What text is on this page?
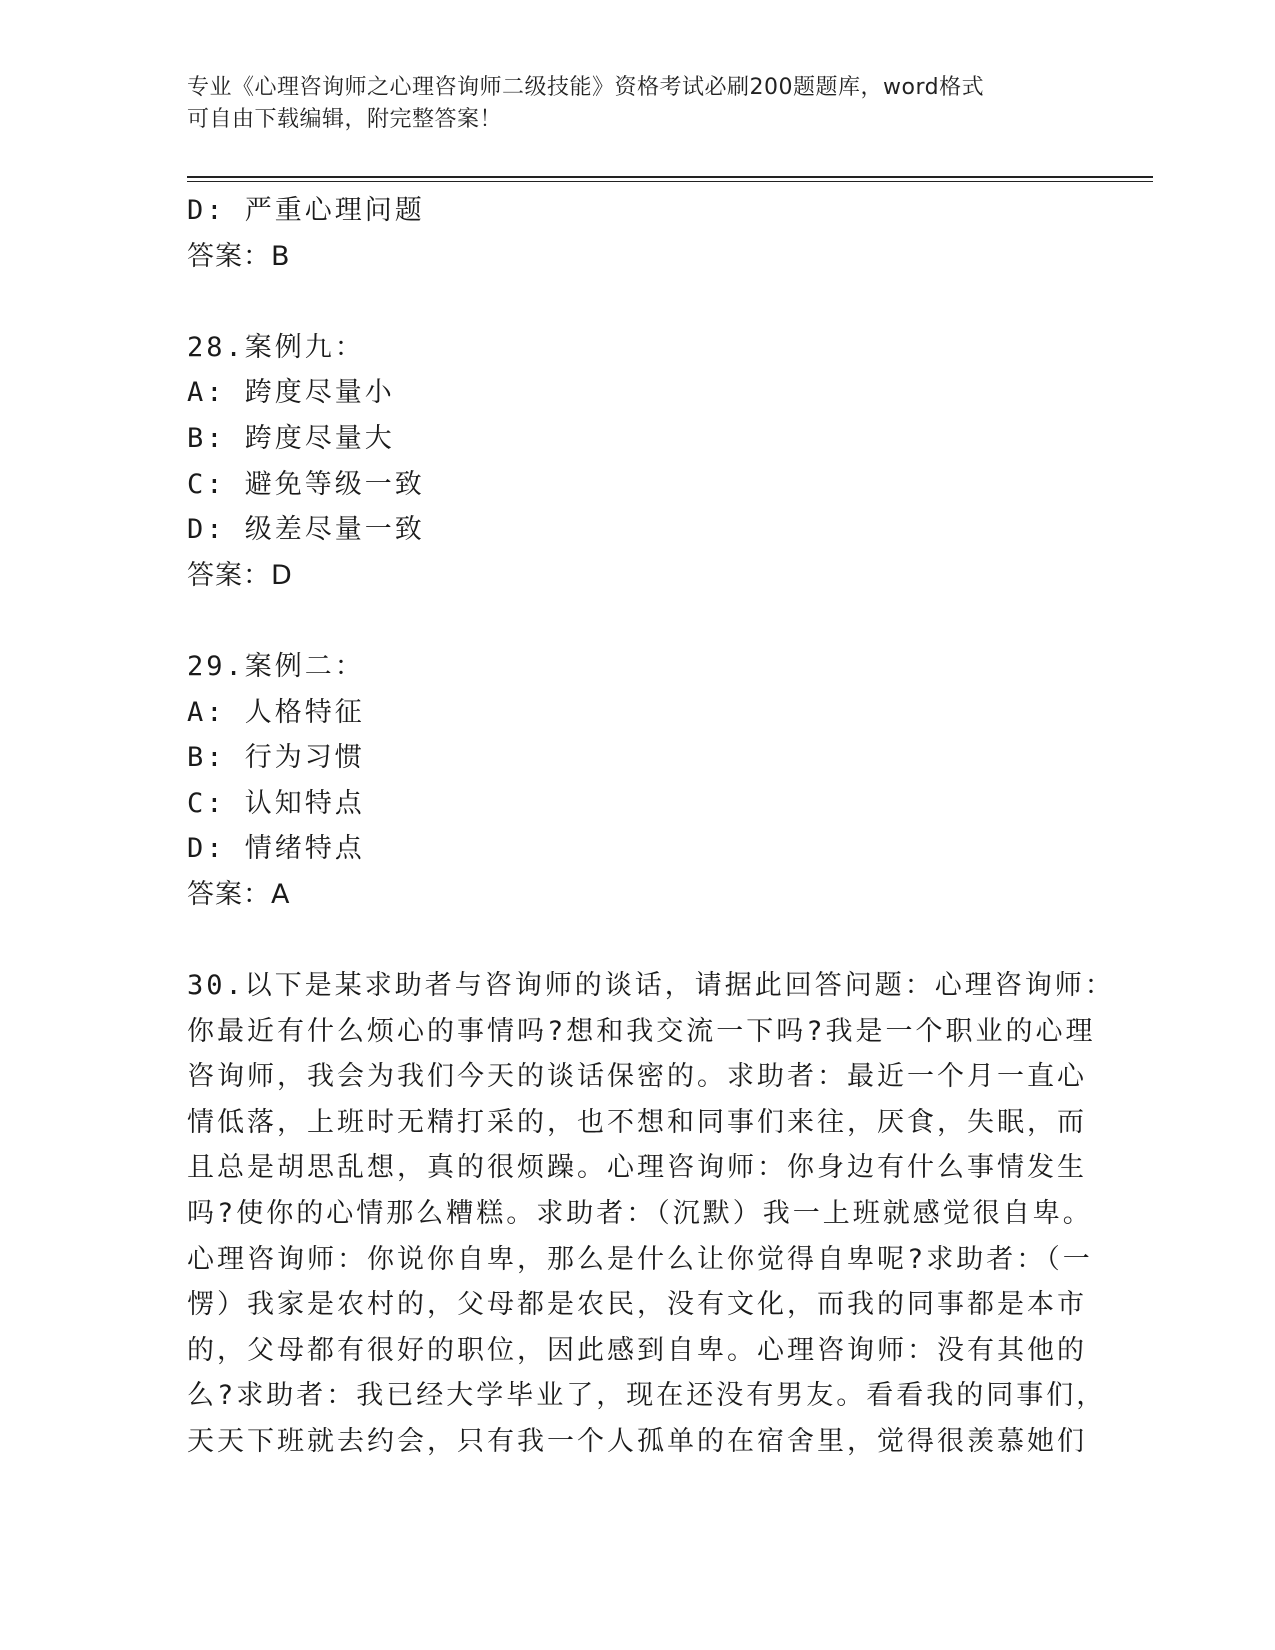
专业《心理咨询师之心理咨询师二级技能》资格考试必刷200题题库，word格式
可自由下载编辑，附完整答案！
D: 严重心理问题
答案：B
28.案例九：
A: 跨度尽量小
B: 跨度尽量大
C: 避免等级一致
D: 级差尽量一致
答案：D
29.案例二：
A: 人格特征
B: 行为习惯
C: 认知特点
D: 情绪特点
答案：A
30.以下是某求助者与咨询师的谈话，请据此回答问题：心理咨询师：
你最近有什么烦心的事情吗?想和我交流一下吗?我是一个职业的心理
咨询师，我会为我们今天的谈话保密的。求助者：最近一个月一直心
情低落，上班时无精打采的，也不想和同事们来往，厌食，失眠，而
且总是胡思乱想，真的很烦躁。心理咨询师：你身边有什么事情发生
吗?使你的心情那么糟糕。求助者：（沉默）我一上班就感觉很自卑。
心理咨询师：你说你自卑，那么是什么让你觉得自卑呢?求助者：（一
愣）我家是农村的，父母都是农民，没有文化，而我的同事都是本市
的，父母都有很好的职位，因此感到自卑。心理咨询师：没有其他的
么?求助者：我已经大学毕业了，现在还没有男友。看看我的同事们，
天天下班就去约会，只有我一个人孤单的在宿舍里，觉得很羡慕她们
